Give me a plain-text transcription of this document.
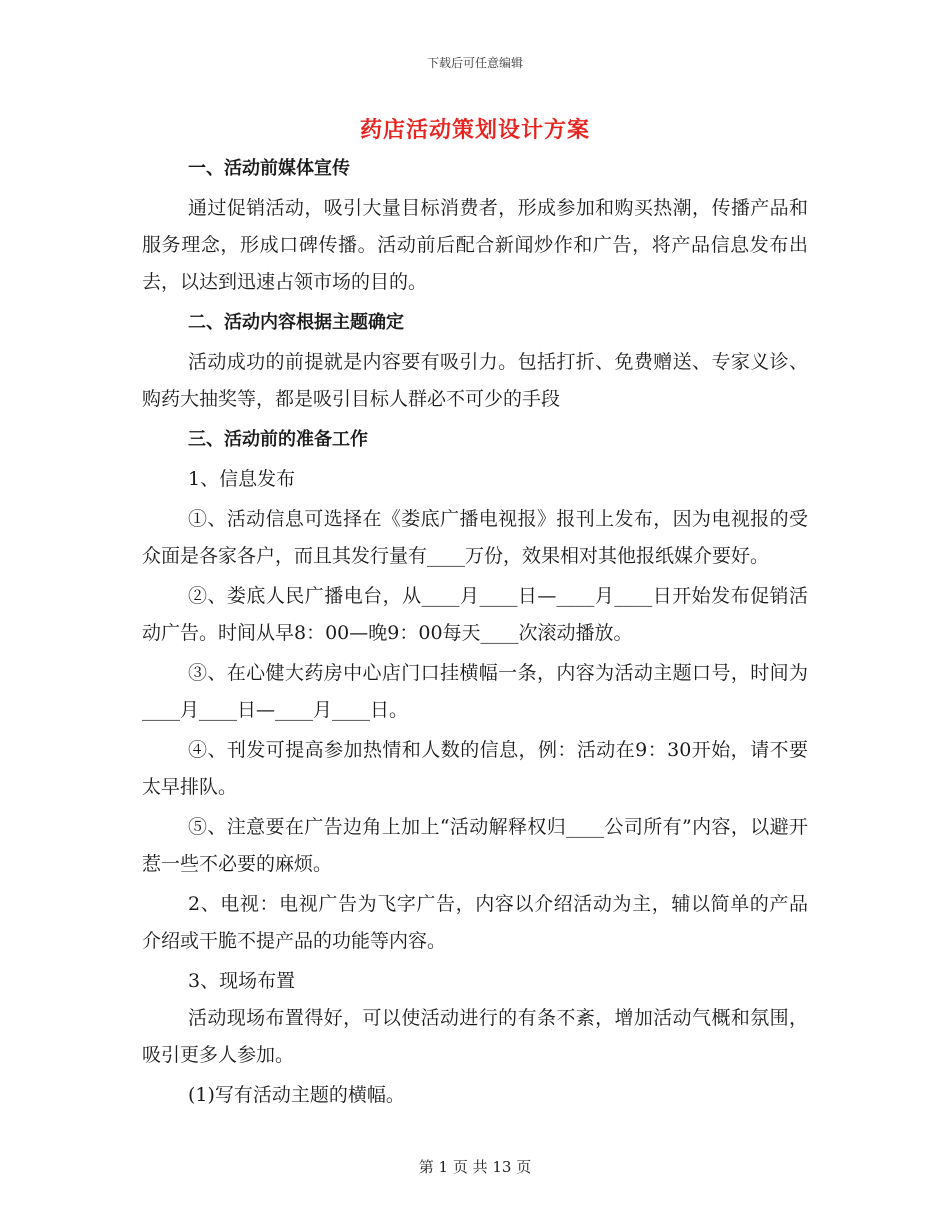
下载后可任意编辑
药店活动策划设计方案

一、活动前媒体宣传

通过促销活动，吸引大量目标消费者，形成参加和购买热潮，传播产品和服务理念，形成口碑传播。活动前后配合新闻炒作和广告，将产品信息发布出去，以达到迅速占领市场的目的。

二、活动内容根据主题确定

活动成功的前提就是内容要有吸引力。包括打折、免费赠送、专家义诊、购药大抽奖等，都是吸引目标人群必不可少的手段

三、活动前的准备工作

1、信息发布

①、活动信息可选择在《娄底广播电视报》报刊上发布，因为电视报的受众面是各家各户，而且其发行量有____万份，效果相对其他报纸媒介要好。

②、娄底人民广播电台，从____月____日—____月____日开始发布促销活动广告。时间从早8：00—晚9：00每天____次滚动播放。

③、在心健大药房中心店门口挂横幅一条，内容为活动主题口号，时间为____月____日—____月____日。

④、刊发可提高参加热情和人数的信息，例：活动在9：30开始，请不要太早排队。

⑤、注意要在广告边角上加上“活动解释权归____公司所有”内容，以避开惹一些不必要的麻烦。

2、电视：电视广告为飞字广告，内容以介绍活动为主，辅以简单的产品介绍或干脆不提产品的功能等内容。

3、现场布置

活动现场布置得好，可以使活动进行的有条不紊，增加活动气概和氛围，吸引更多人参加。

(1)写有活动主题的横幅。

第 1 页 共 13 页
